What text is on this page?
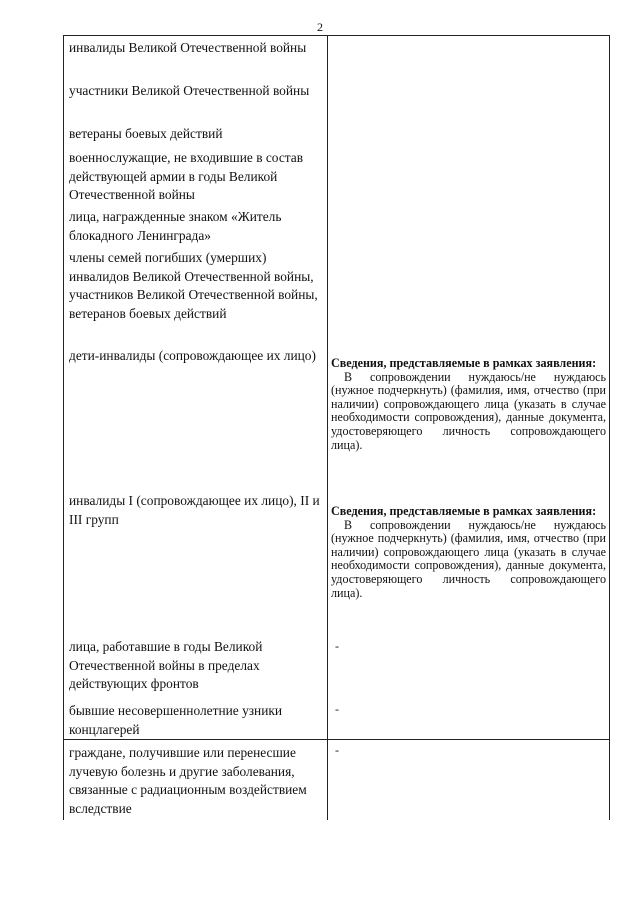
2
инвалиды Великой Отечественной войны
участники Великой Отечественной войны
ветераны боевых действий
военнослужащие, не входившие в состав действующей армии в годы Великой Отечественной войны
лица, награжденные знаком «Житель блокадного Ленинграда»
члены семей погибших (умерших) инвалидов Великой Отечественной войны, участников Великой Отечественной войны, ветеранов боевых действий
дети-инвалиды (сопровождающее их лицо)
инвалиды I (сопровождающее их лицо), II и III групп
лица, работавшие в годы Великой Отечественной войны в пределах действующих фронтов
бывшие несовершеннолетние узники концлагерей
граждане, получившие или перенесшие лучевую болезнь и другие заболевания, связанные с радиационным воздействием вследствие
Сведения, представляемые в рамках заявления:
В сопровождении нуждаюсь/не нуждаюсь (нужное подчеркнуть) (фамилия, имя, отчество (при наличии) сопровождающего лица (указать в случае необходимости сопровождения), данные документа, удостоверяющего личность сопровождающего лица).
Сведения, представляемые в рамках заявления:
В сопровождении нуждаюсь/не нуждаюсь (нужное подчеркнуть) (фамилия, имя, отчество (при наличии) сопровождающего лица (указать в случае необходимости сопровождения), данные документа, удостоверяющего личность сопровождающего лица).
-
-
-
